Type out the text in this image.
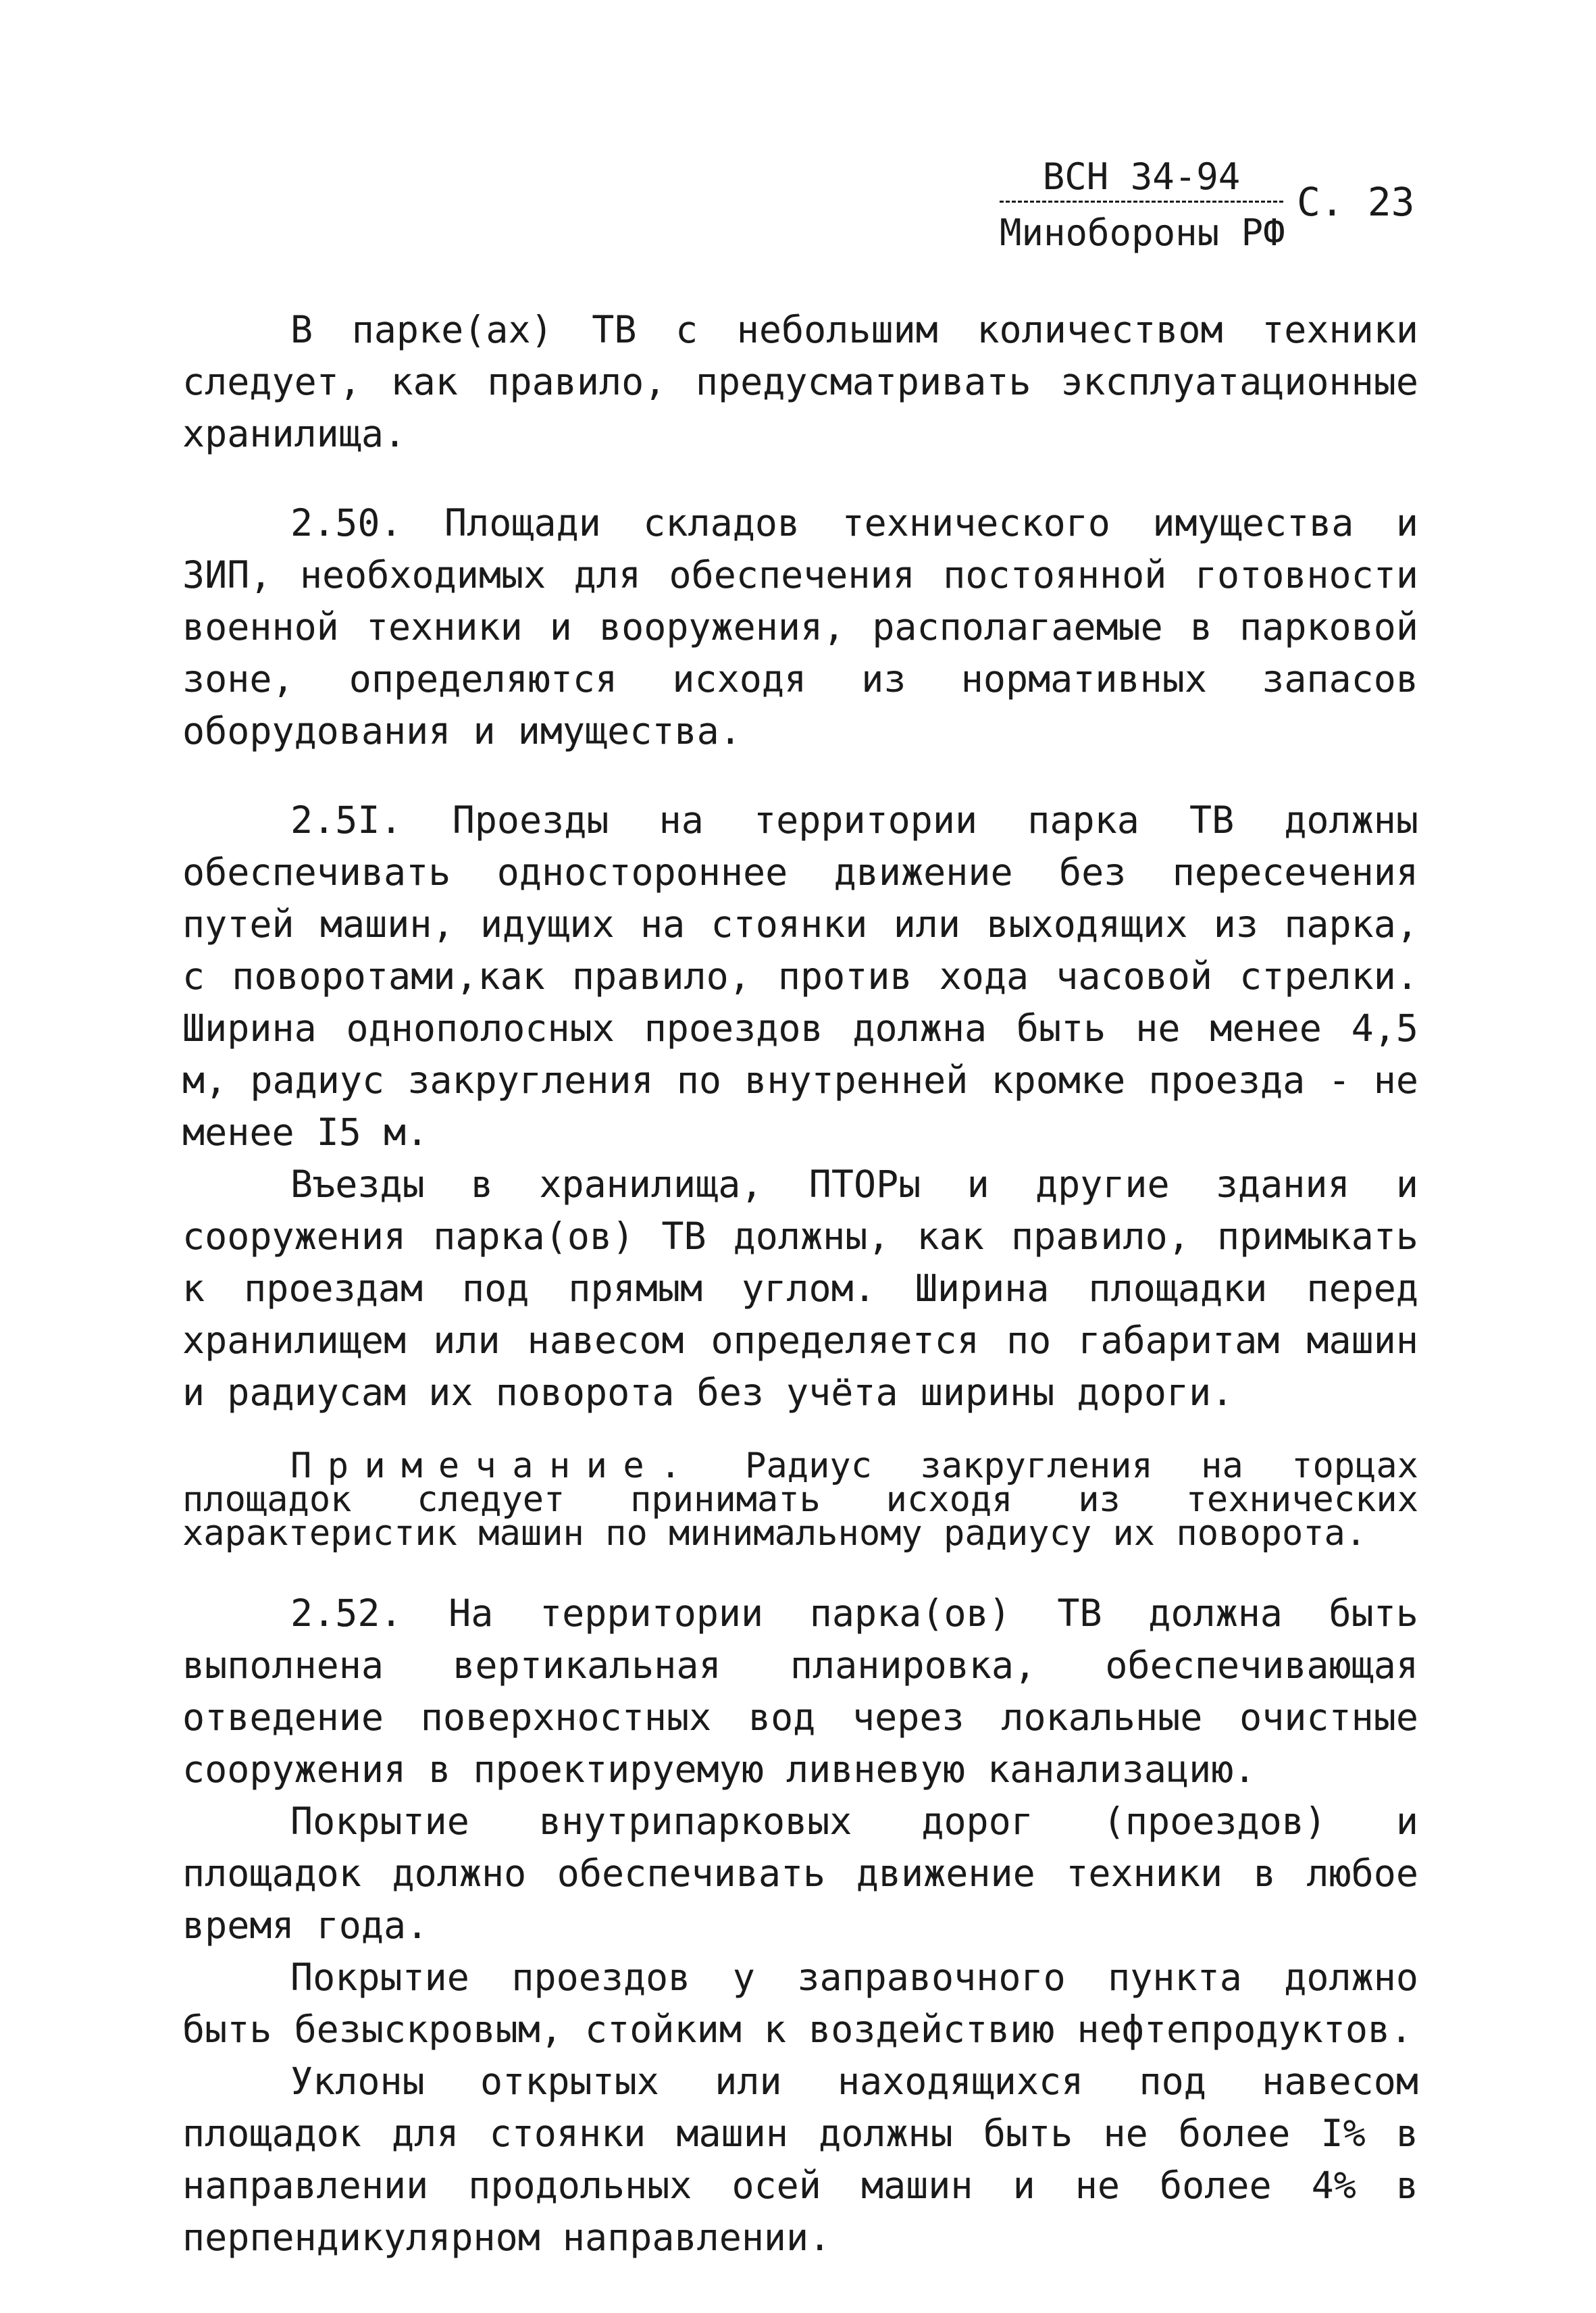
ВСН 34-94
С. 23
Минобороны РФ

В парке(ах) ТВ с небольшим количеством техники следует, как правило, предусматривать эксплуатационные хранилища.

2.50. Площади складов технического имущества и ЗИП, необходимых для обеспечения постоянной готовности военной техники и вооружения, располагаемые в парковой зоне, определяются исходя из нормативных запасов оборудования и имущества.

2.5I. Проезды на территории парка ТВ должны обеспечивать одностороннее движение без пересечения путей машин, идущих на стоянки или выходящих из парка, с поворотами,как правило, против хода часовой стрелки. Ширина однополосных проездов должна быть не менее 4,5 м, радиус закругления по внутренней кромке проезда - не менее I5 м.

Въезды в хранилища, ПТОРы и другие здания и сооружения парка(ов) ТВ должны, как правило, примыкать к проездам под прямым углом. Ширина площадки перед хранилищем или навесом определяется по габаритам машин и радиусам их поворота без учёта ширины дороги.

Примечание. Радиус закругления на торцах площадок следует принимать исходя из технических характеристик машин по минимальному радиусу их поворота.

2.52. На территории парка(ов) ТВ должна быть выполнена вертикальная планировка, обеспечивающая отведение поверхностных вод через локальные очистные сооружения в проектируемую ливневую канализацию.

Покрытие внутрипарковых дорог (проездов) и площадок должно обеспечивать движение техники в любое время года.

Покрытие проездов у заправочного пункта должно быть безыскровым, стойким к воздействию нефтепродуктов.

Уклоны открытых или находящихся под навесом площадок для стоянки машин должны быть не более I% в направлении продольных осей машин и не более 4% в перпендикулярном направлении.
